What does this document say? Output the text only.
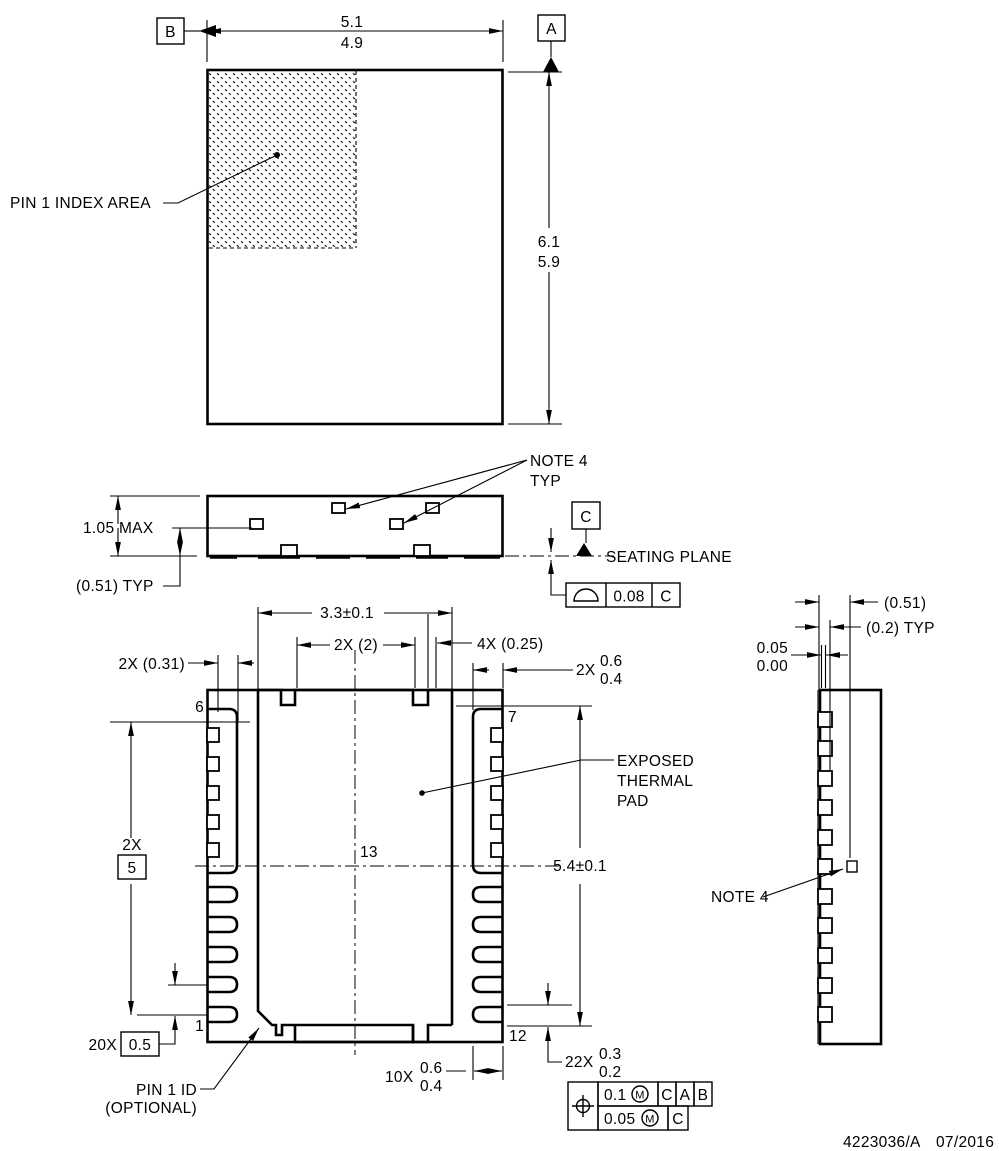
PIN 1 INDEX AREA
5.1
4.9
B	A
6.1
5.9
NOTE 4
TYP
1.05 MAX
(0.51) TYP
C
SEATING PLANE
0.08 C
6
1
7
12
13
3.3±0.1
2X (2)	4X (0.25)
2X (0.31)	2X
0.6
0.4
5.4±0.1
EXPOSED
THERMAL
PAD
2X
5
20X 0.5
22X 0.3
0.2
10X
0.6
0.4
PIN 1 ID
(OPTIONAL)
(0.51)
(0.2) TYP
0.05
0.00
NOTE 4
0.1 M C A B
0.05 M C
4223036/A 07/2016
